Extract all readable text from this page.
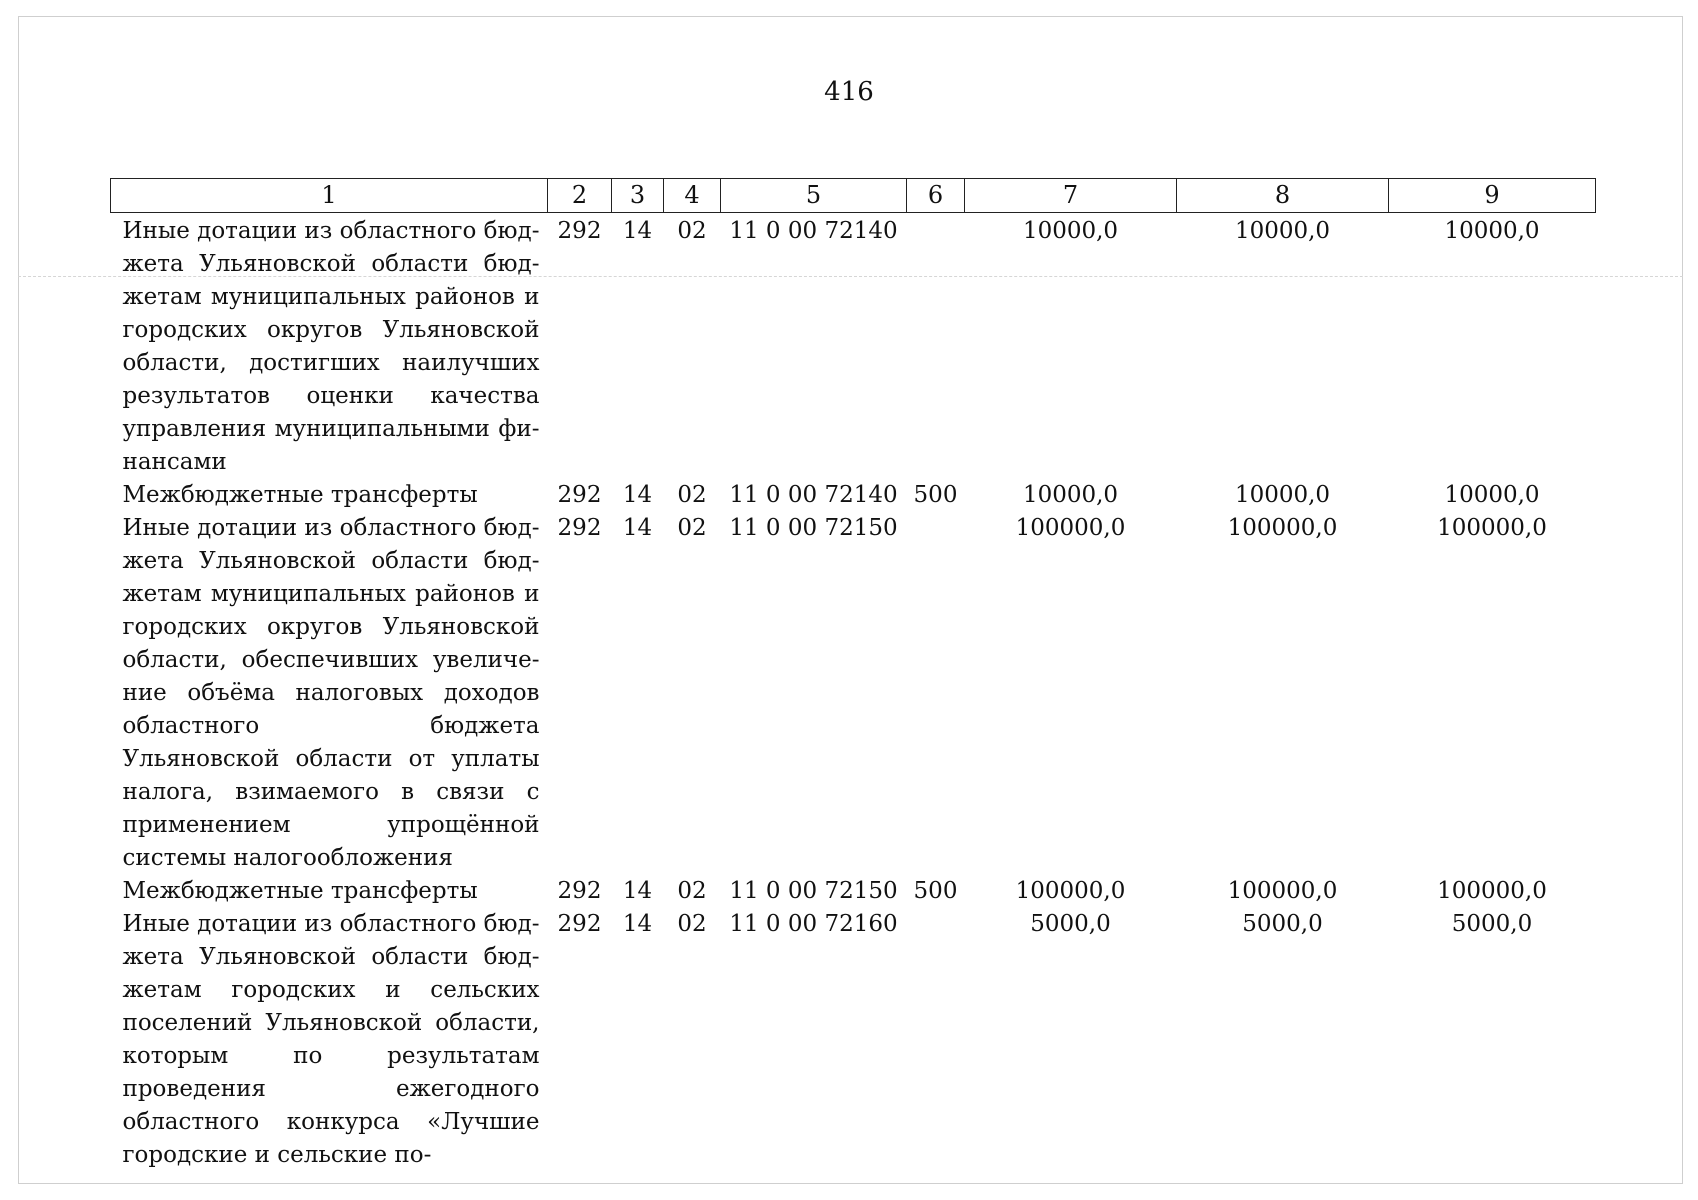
416
1	2	3	4	5	6	7	8	9
Иные дотации из областного бюджета Ульяновской области бюджетам муниципальных районов и городских округов Ульяновской области, достигших наилучших результатов оценки качества управления муниципальными финансами	292	14	02	11 0 00 72140		10000,0	10000,0	10000,0
Межбюджетные трансферты	292	14	02	11 0 00 72140	500	10000,0	10000,0	10000,0
Иные дотации из областного бюджета Ульяновской области бюджетам муниципальных районов и городских округов Ульяновской области, обеспечивших увеличение объёма налоговых доходов областного бюджета Ульяновской области от уплаты налога, взимаемого в связи с применением упрощённой системы налогообложения	292	14	02	11 0 00 72150		100000,0	100000,0	100000,0
Межбюджетные трансферты	292	14	02	11 0 00 72150	500	100000,0	100000,0	100000,0
Иные дотации из областного бюджета Ульяновской области бюджетам городских и сельских поселений Ульяновской области, которым по результатам проведения ежегодного областного конкурса «Лучшие городские и сельские по-	292	14	02	11 0 00 72160		5000,0	5000,0	5000,0
